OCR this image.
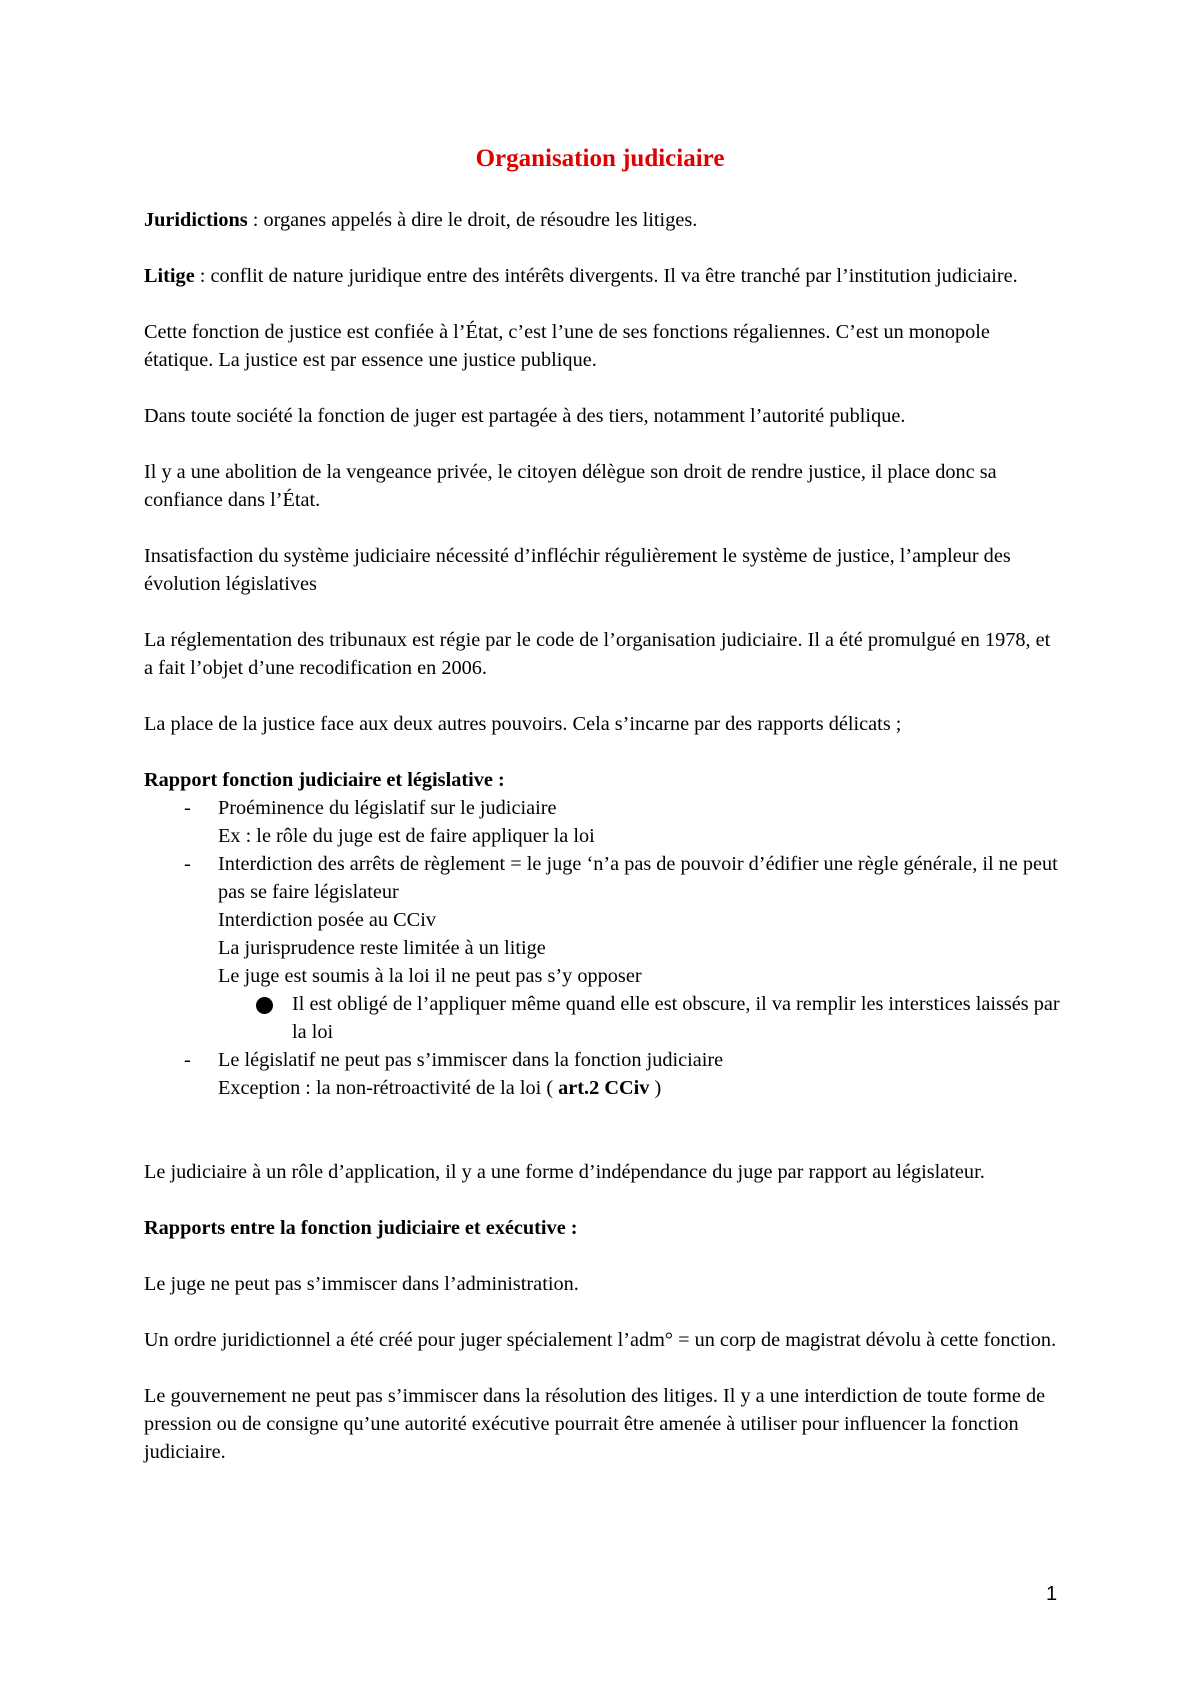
Organisation judiciaire

Juridictions : organes appelés à dire le droit, de résoudre les litiges.

Litige : conflit de nature juridique entre des intérêts divergents. Il va être tranché par l’institution judiciaire.

Cette fonction de justice est confiée à l’État, c’est l’une de ses fonctions régaliennes. C’est un monopole étatique. La justice est par essence une justice publique.

Dans toute société la fonction de juger est partagée à des tiers, notamment l’autorité publique.

Il y a une abolition de la vengeance privée, le citoyen délègue son droit de rendre justice, il place donc sa confiance dans l’État.

Insatisfaction du système judiciaire nécessité d’infléchir régulièrement le système de justice, l’ampleur des évolution législatives

La réglementation des tribunaux est régie par le code de l’organisation judiciaire. Il a été promulgué en 1978, et a fait l’objet d’une recodification en 2006.

La place de la justice face aux deux autres pouvoirs. Cela s’incarne par des rapports délicats ;

Rapport fonction judiciaire et législative :

- Proéminence du législatif sur le judiciaire
Ex : le rôle du juge est de faire appliquer la loi
- Interdiction des arrêts de règlement = le juge ‘n’a pas de pouvoir d’édifier une règle générale, il ne peut pas se faire législateur
Interdiction posée au CCiv
La jurisprudence reste limitée à un litige
Le juge est soumis à la loi il ne peut pas s’y opposer
Il est obligé de l’appliquer même quand elle est obscure, il va remplir les interstices laissés par la loi
- Le législatif ne peut pas s’immiscer dans la fonction judiciaire
Exception : la non-rétroactivité de la loi ( art.2 CCiv )

Le judiciaire à un rôle d’application, il y a une forme d’indépendance du juge par rapport au législateur.

Rapports entre la fonction judiciaire et exécutive :

Le juge ne peut pas s’immiscer dans l’administration.

Un ordre juridictionnel a été créé pour juger spécialement l’adm° = un corp de magistrat dévolu à cette fonction.

Le gouvernement ne peut pas s’immiscer dans la résolution des litiges. Il y a une interdiction de toute forme de pression ou de consigne qu’une autorité exécutive pourrait être amenée à utiliser pour influencer la fonction judiciaire.

1
